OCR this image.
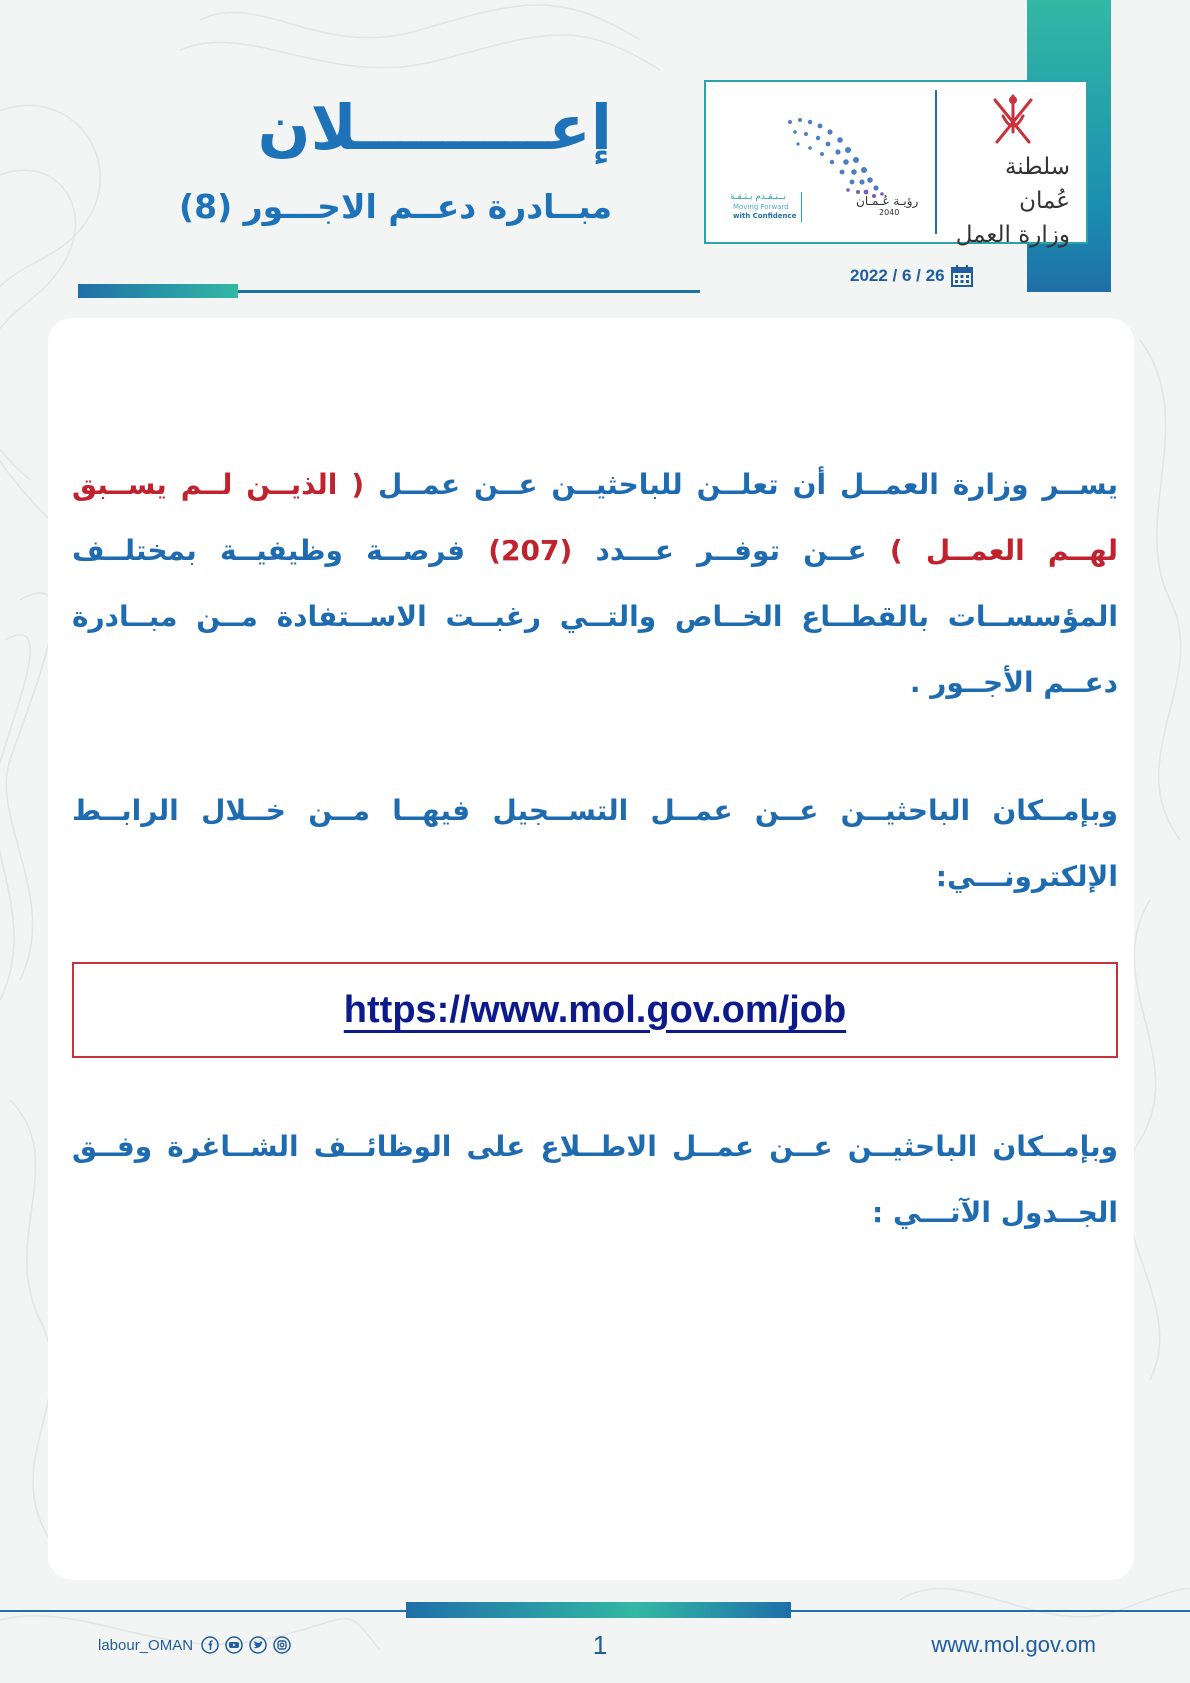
سلطنة عُمان
وزارة العمل
رؤيـة عُـمـان
2040
نــتـقـدم بـثـقـة
Moving Forward
with Confidence
2022 / 6 / 26
إعـــــــــلان
مبــادرة دعــم الاجـــور (8)
يســر وزارة العمــل أن تعلــن للباحثيــن عــن عمــل ( الذيــن لــم يســبق لهــم العمــل ) عــن توفــر عـــدد (207) فرصــة وظيفيــة بمختلــف المؤسســات بالقطــاع الخــاص والتــي رغبــت الاســتفادة مــن مبــادرة دعــم الأجــور .
وبإمــكان الباحثيــن عــن عمــل التســجيل فيهــا مــن خــلال الرابــط الإلكترونـــي:
https://www.mol.gov.om/job
وبإمــكان الباحثيــن عــن عمــل الاطــلاع على الوظائــف الشــاغرة وفــق الجــدول الآتـــي :
labour_OMAN	1	www.mol.gov.om
